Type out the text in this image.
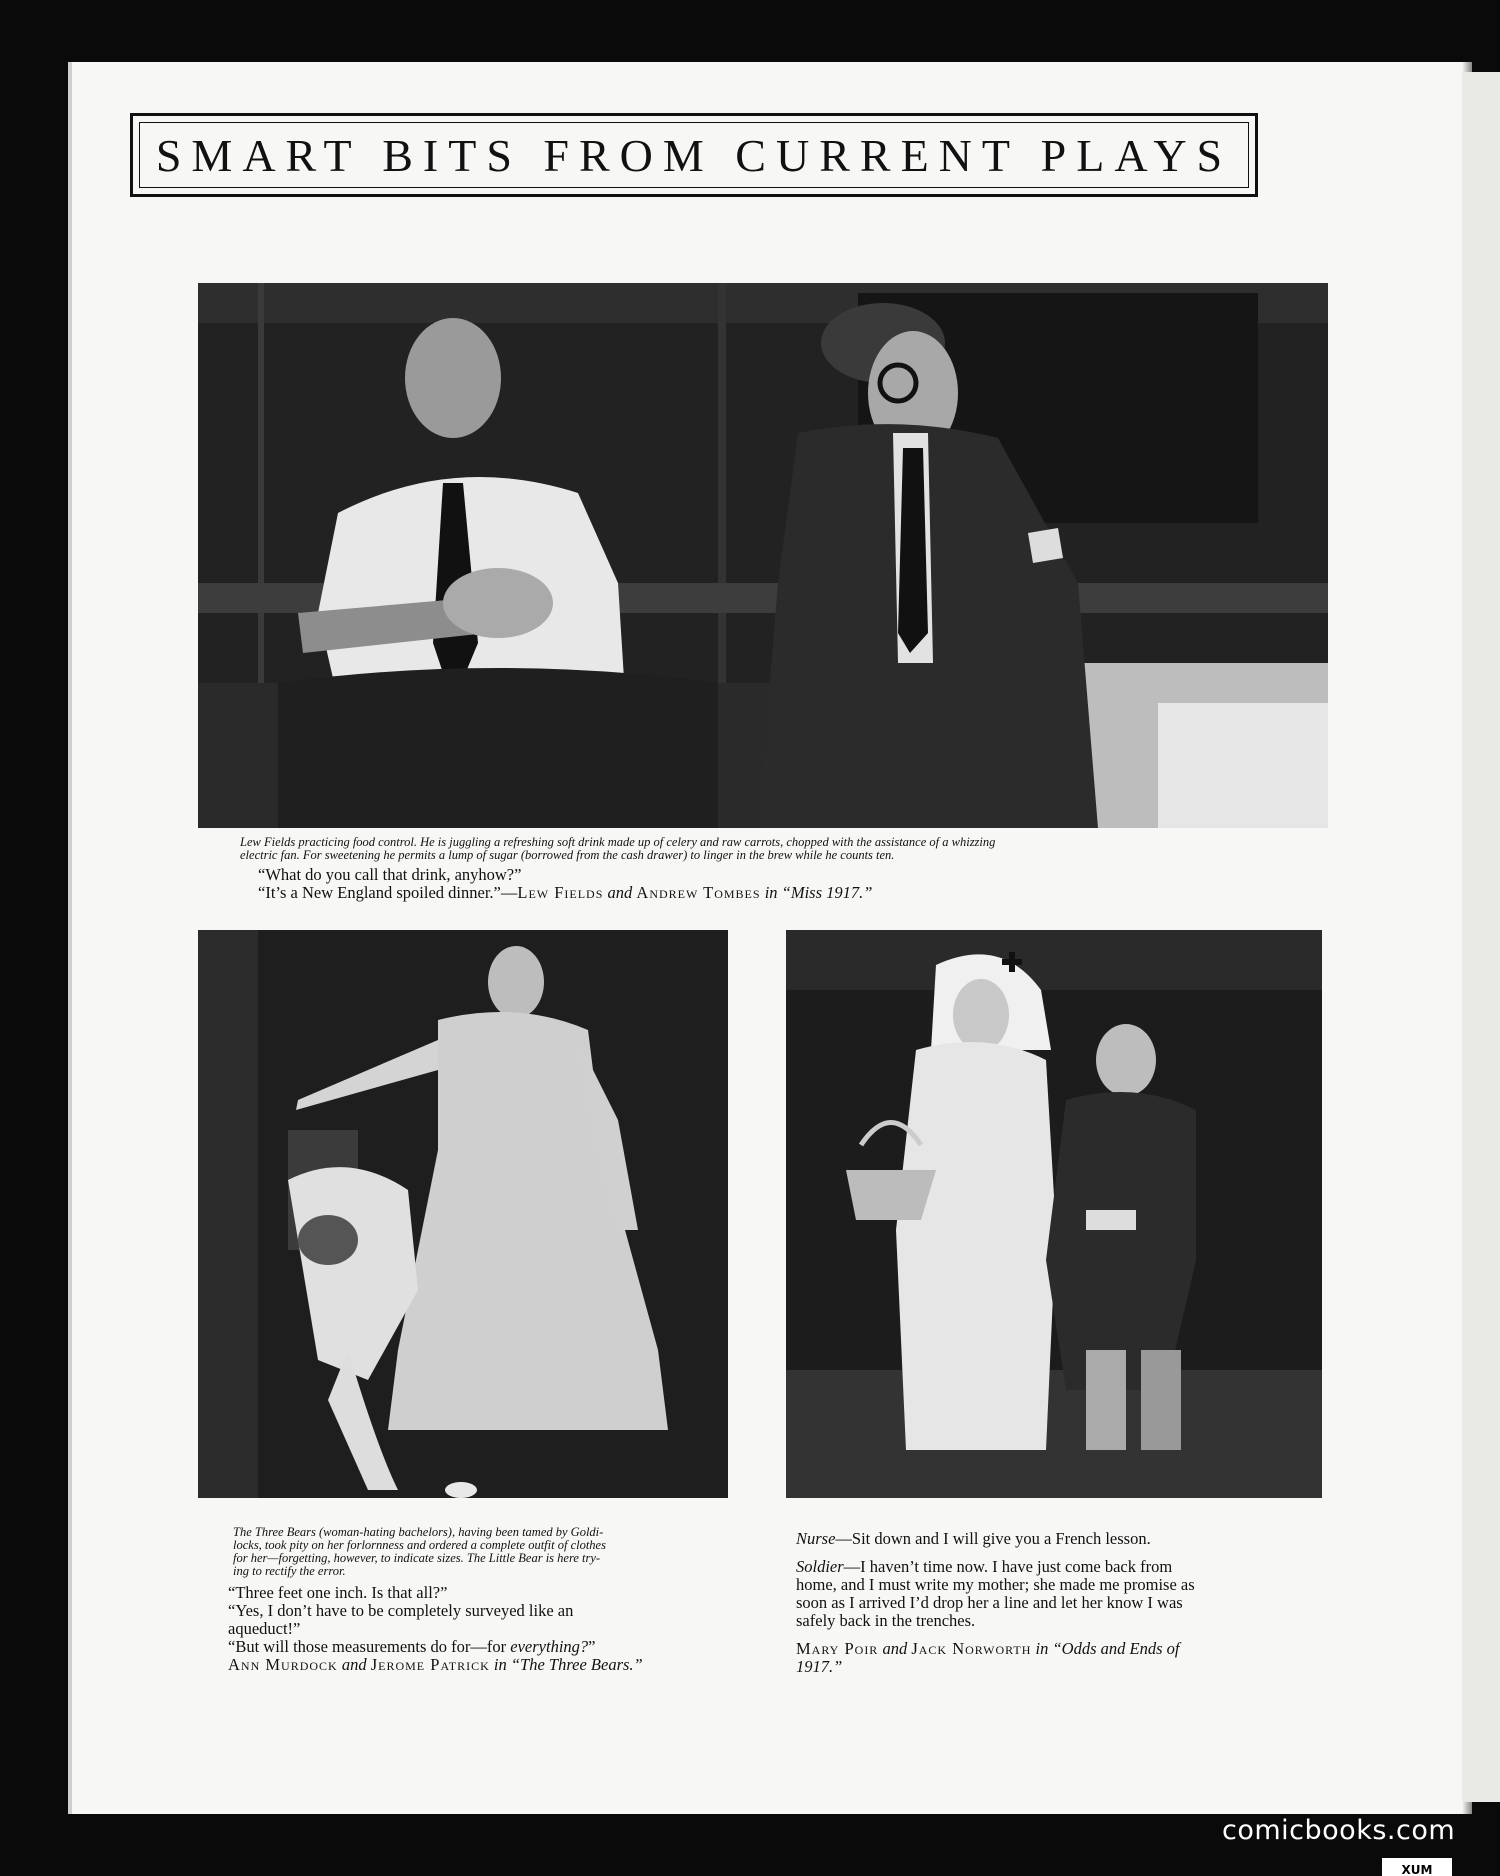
SMART BITS FROM CURRENT PLAYS
Lew Fields practicing food control. He is juggling a refreshing soft drink made up of celery and raw carrots, chopped with the assistance of a whizzing
electric fan. For sweetening he permits a lump of sugar (borrowed from the cash drawer) to linger in the brew while he counts ten.

“What do you call that drink, anyhow?”

“It’s a New England spoiled dinner.”—Lew Fields and Andrew Tombes in “Miss 1917.”

The Three Bears (woman-hating bachelors), having been tamed by Goldi-
locks, took pity on her forlornness and ordered a complete outfit of clothes
for her—forgetting, however, to indicate sizes. The Little Bear is here try-
ing to rectify the error.

“Three feet one inch. Is that all?”

“Yes, I don’t have to be completely surveyed like an

aqueduct!”

“But will those measurements do for—for everything?”

Ann Murdock and Jerome Patrick in “The Three Bears.”

Nurse—Sit down and I will give you a French lesson.

Soldier—I haven’t time now. I have just come back from

home, and I must write my mother; she made me promise as

soon as I arrived I’d drop her a line and let her know I was

safely back in the trenches.

Mary Poir and Jack Norworth in “Odds and Ends of

1917.”

comicbooks.com
XUM
